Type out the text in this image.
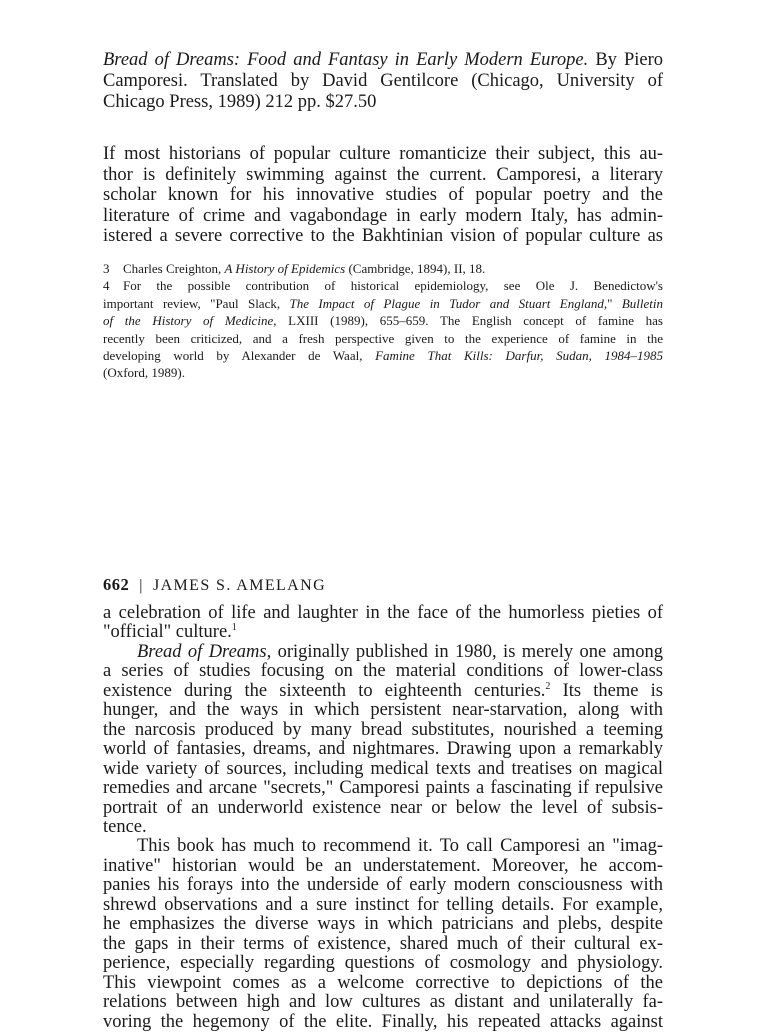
Bread of Dreams: Food and Fantasy in Early Modern Europe. By Piero
Camporesi. Translated by David Gentilcore (Chicago, University of
Chicago Press, 1989) 212 pp. $27.50
If most historians of popular culture romanticize their subject, this au-
thor is definitely swimming against the current. Camporesi, a literary
scholar known for his innovative studies of popular poetry and the
literature of crime and vagabondage in early modern Italy, has admin-
istered a severe corrective to the Bakhtinian vision of popular culture as
3 Charles Creighton, A History of Epidemics (Cambridge, 1894), II, 18.
4 For the possible contribution of historical epidemiology, see Ole J. Benedictow's
important review, "Paul Slack, The Impact of Plague in Tudor and Stuart England," Bulletin
of the History of Medicine, LXIII (1989), 655–659. The English concept of famine has
recently been criticized, and a fresh perspective given to the experience of famine in the
developing world by Alexander de Waal, Famine That Kills: Darfur, Sudan, 1984–1985
(Oxford, 1989).
662 | JAMES S. AMELANG
a celebration of life and laughter in the face of the humorless pieties of
"official" culture.$^1$
Bread of Dreams, originally published in 1980, is merely one among
a series of studies focusing on the material conditions of lower-class
existence during the sixteenth to eighteenth centuries.$^2$ Its theme is
hunger, and the ways in which persistent near-starvation, along with
the narcosis produced by many bread substitutes, nourished a teeming
world of fantasies, dreams, and nightmares. Drawing upon a remarkably
wide variety of sources, including medical texts and treatises on magical
remedies and arcane "secrets," Camporesi paints a fascinating if repulsive
portrait of an underworld existence near or below the level of subsis-
tence.
This book has much to recommend it. To call Camporesi an "imag-
inative" historian would be an understatement. Moreover, he accom-
panies his forays into the underside of early modern consciousness with
shrewd observations and a sure instinct for telling details. For example,
he emphasizes the diverse ways in which patricians and plebs, despite
the gaps in their terms of existence, shared much of their cultural ex-
perience, especially regarding questions of cosmology and physiology.
This viewpoint comes as a welcome corrective to depictions of the
relations between high and low cultures as distant and unilaterally fa-
voring the hegemony of the elite. Finally, his repeated attacks against
